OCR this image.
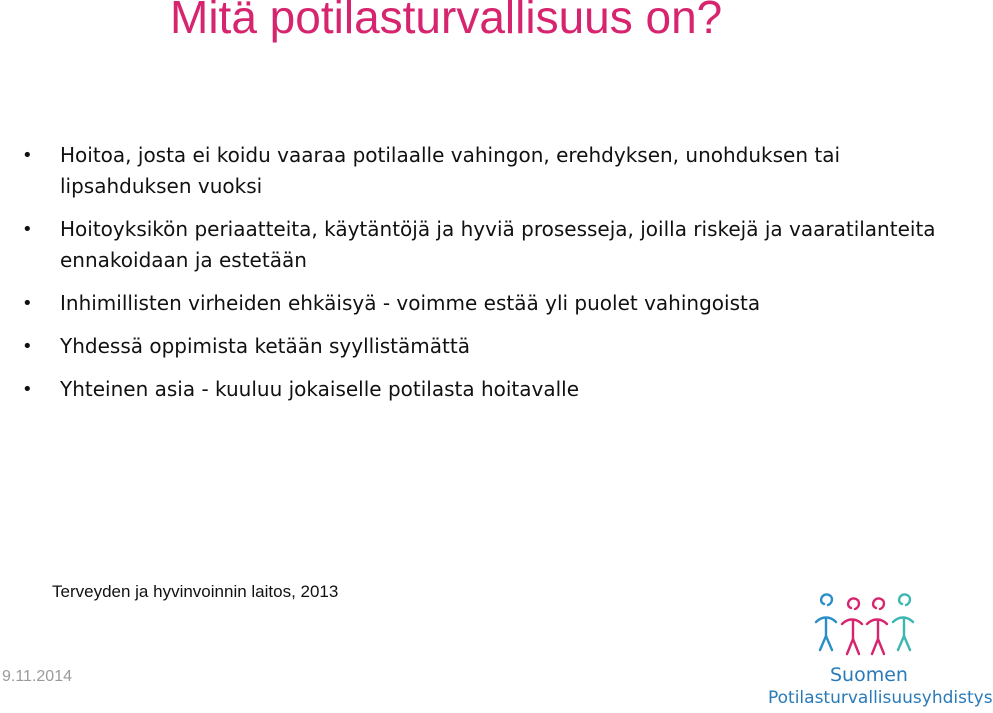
Mitä potilasturvallisuus on?
• Hoitoa, josta ei koidu vaaraa potilaalle vahingon, erehdyksen, unohduksen tai lipsahduksen vuoksi
• Hoitoyksikön periaatteita, käytäntöjä ja hyviä prosesseja, joilla riskejä ja vaaratilanteita ennakoidaan ja estetään
• Inhimillisten virheiden ehkäisyä - voimme estää yli puolet vahingoista
• Yhdessä oppimista ketään syyllistämättä
• Yhteinen asia - kuuluu jokaiselle potilasta hoitavalle
Terveyden ja hyvinvoinnin laitos, 2013
9.11.2014	Suomen
Potilasturvallisuusyhdistys
